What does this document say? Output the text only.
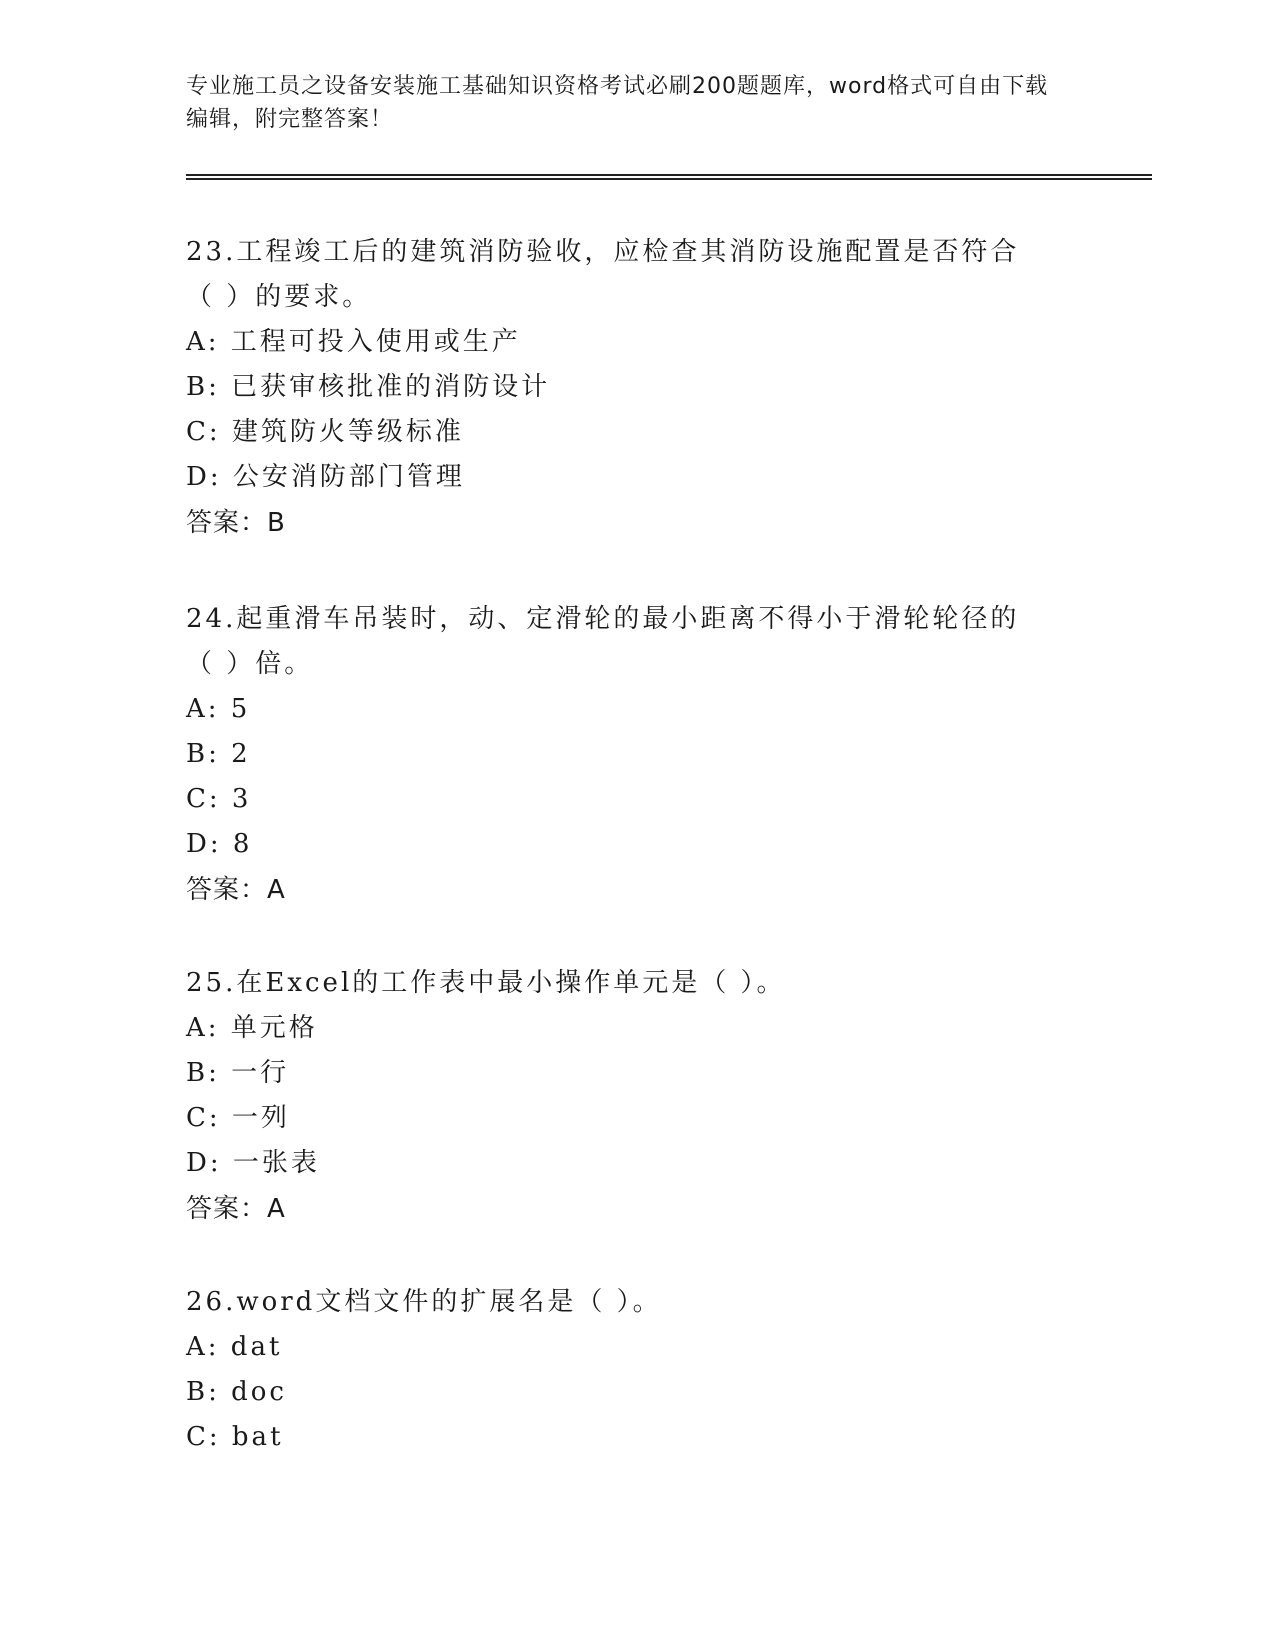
专业施工员之设备安装施工基础知识资格考试必刷200题题库，word格式可自由下载编辑，附完整答案！
23.工程竣工后的建筑消防验收，应检查其消防设施配置是否符合（ ）的要求。
A: 工程可投入使用或生产
B: 已获审核批准的消防设计
C: 建筑防火等级标准
D: 公安消防部门管理
答案：B
24.起重滑车吊装时，动、定滑轮的最小距离不得小于滑轮轮径的（ ）倍。
A: 5
B: 2
C: 3
D: 8
答案：A
25.在Excel的工作表中最小操作单元是（ ）。
A: 单元格
B: 一行
C: 一列
D: 一张表
答案：A
26.word文档文件的扩展名是（ ）。
A: dat
B: doc
C: bat
